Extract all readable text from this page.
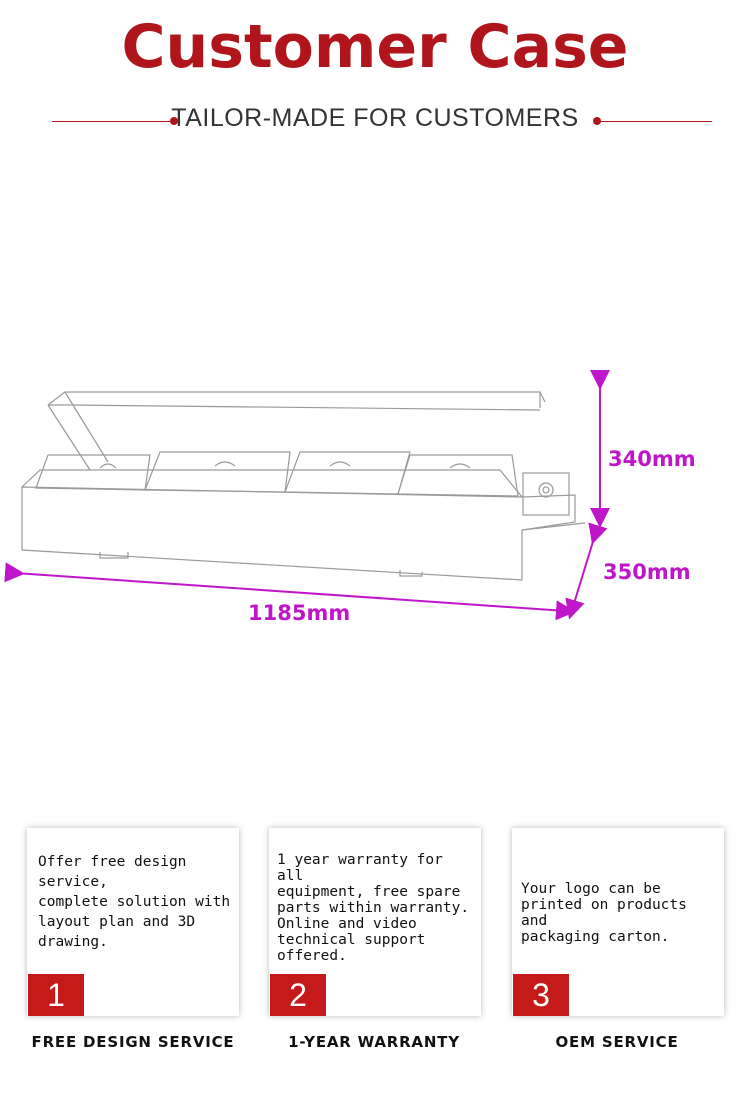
Customer Case
TAILOR-MADE FOR CUSTOMERS
340mm
350mm
1185mm
Offer free design
service,
complete solution with
layout plan and 3D
drawing.
1
FREE DESIGN SERVICE
1 year warranty for all
equipment, free spare
parts within warranty.
Online and video
technical support
offered.
2
1-YEAR WARRANTY
Your logo can be
printed on products and
packaging carton.
3
OEM SERVICE
